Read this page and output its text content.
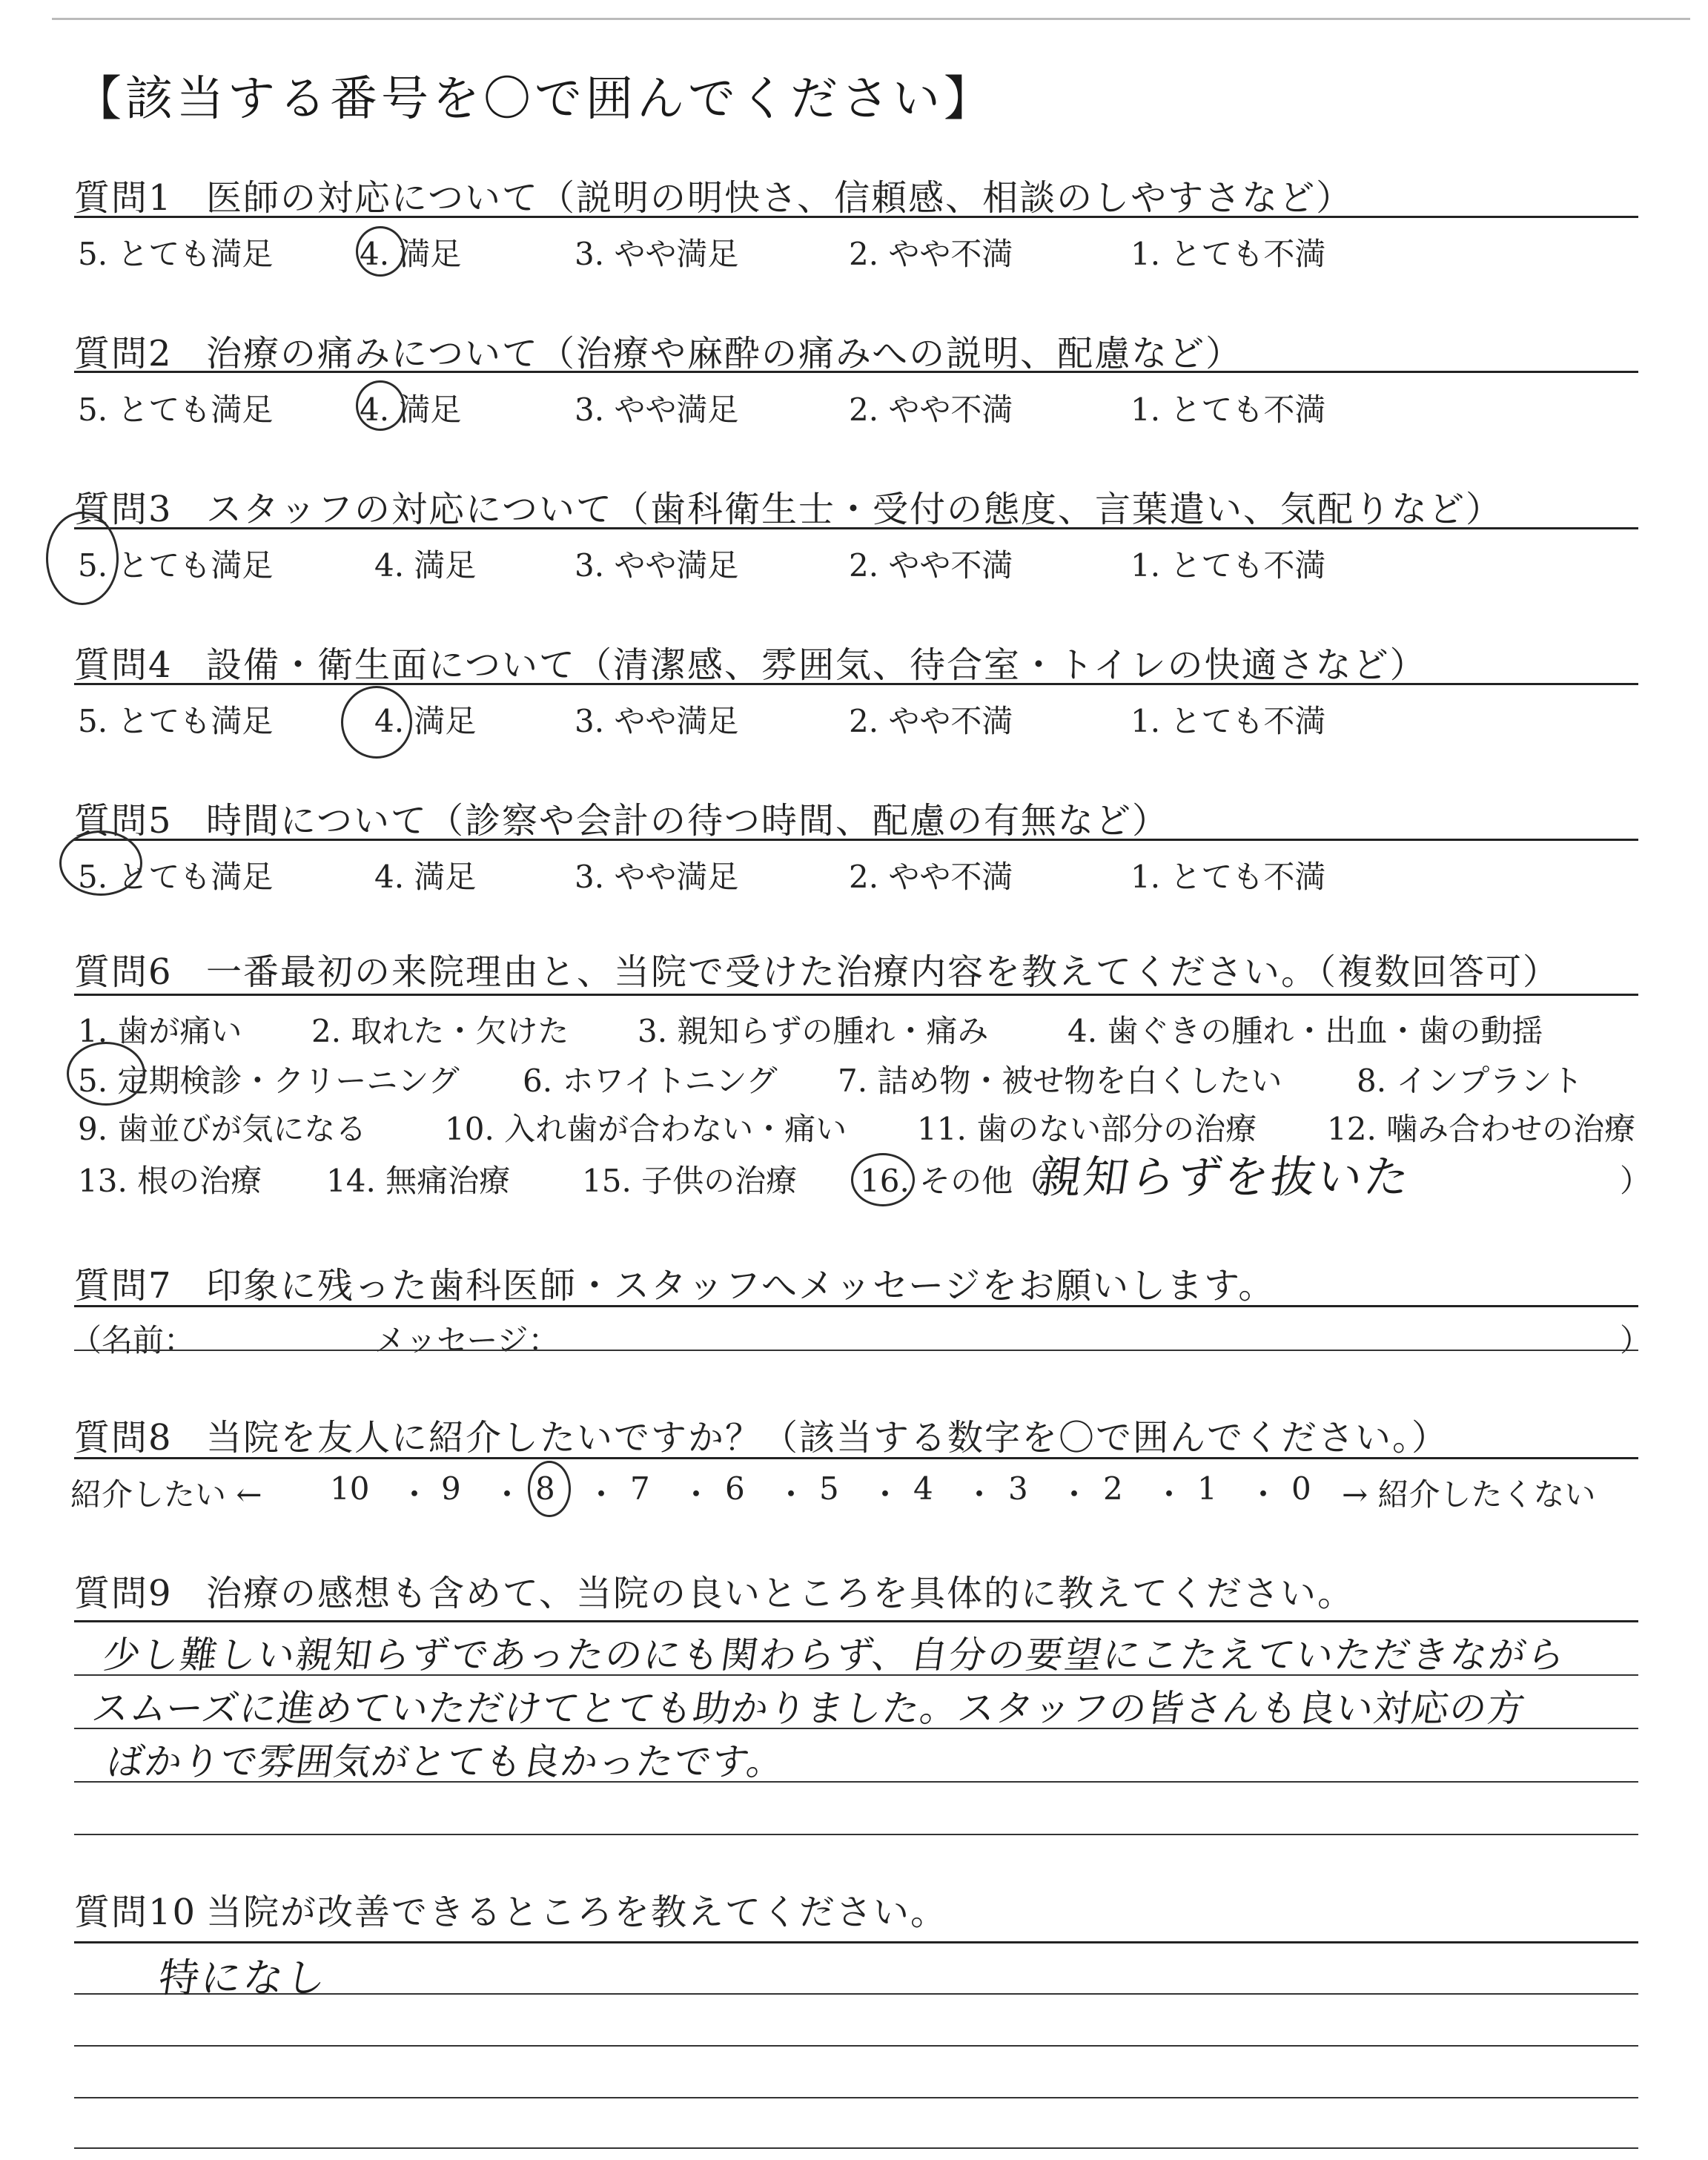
【該当する番号を〇で囲んでください】
質問1 医師の対応について（説明の明快さ、信頼感、相談のしやすさなど）
5. とても満足	4. 満足	3. やや満足	2. やや不満	1. とても不満
質問2 治療の痛みについて（治療や麻酔の痛みへの説明、配慮など）
5. とても満足	4. 満足	3. やや満足	2. やや不満	1. とても不満
質問3 スタッフの対応について（歯科衛生士・受付の態度、言葉遣い、気配りなど）
5. とても満足	4. 満足	3. やや満足	2. やや不満	1. とても不満
質問4 設備・衛生面について（清潔感、雰囲気、待合室・トイレの快適さなど）
5. とても満足	4. 満足	3. やや満足	2. やや不満	1. とても不満
質問5 時間について（診察や会計の待つ時間、配慮の有無など）
5. とても満足	4. 満足	3. やや満足	2. やや不満	1. とても不満
質問6 一番最初の来院理由と、当院で受けた治療内容を教えてください。（複数回答可）
1. 歯が痛い 2. 取れた・欠けた 3. 親知らずの腫れ・痛み	4. 歯ぐきの腫れ・出血・歯の動揺
5. 定期検診・クリーニング 6. ホワイトニング 7. 詰め物・被せ物を白くしたい 8. インプラント
9. 歯並びが気になる	10. 入れ歯が合わない・痛い 11. 歯のない部分の治療 12. 噛み合わせの治療
13. 根の治療 14. 無痛治療 15. 子供の治療 16. その他（	）
親知らずを抜いた
質問7 印象に残った歯科医師・スタッフへメッセージをお願いします。
（名前：	メッセージ：	）
質問8 当院を友人に紹介したいですか？（該当する数字を〇で囲んでください。）
紹介したい ← 10 ・ 9 ・ 8 ・ 7 ・ 6 ・ 5 ・ 4 ・ 3 ・ 2 ・ 1 ・ 0 → 紹介したくない
質問9 治療の感想も含めて、当院の良いところを具体的に教えてください。
少し難しい親知らずであったのにも関わらず、自分の要望にこたえていただきながら
スムーズに進めていただけてとても助かりました。スタッフの皆さんも良い対応の方
ばかりで雰囲気がとても良かったです。
質問10 当院が改善できるところを教えてください。
特になし
